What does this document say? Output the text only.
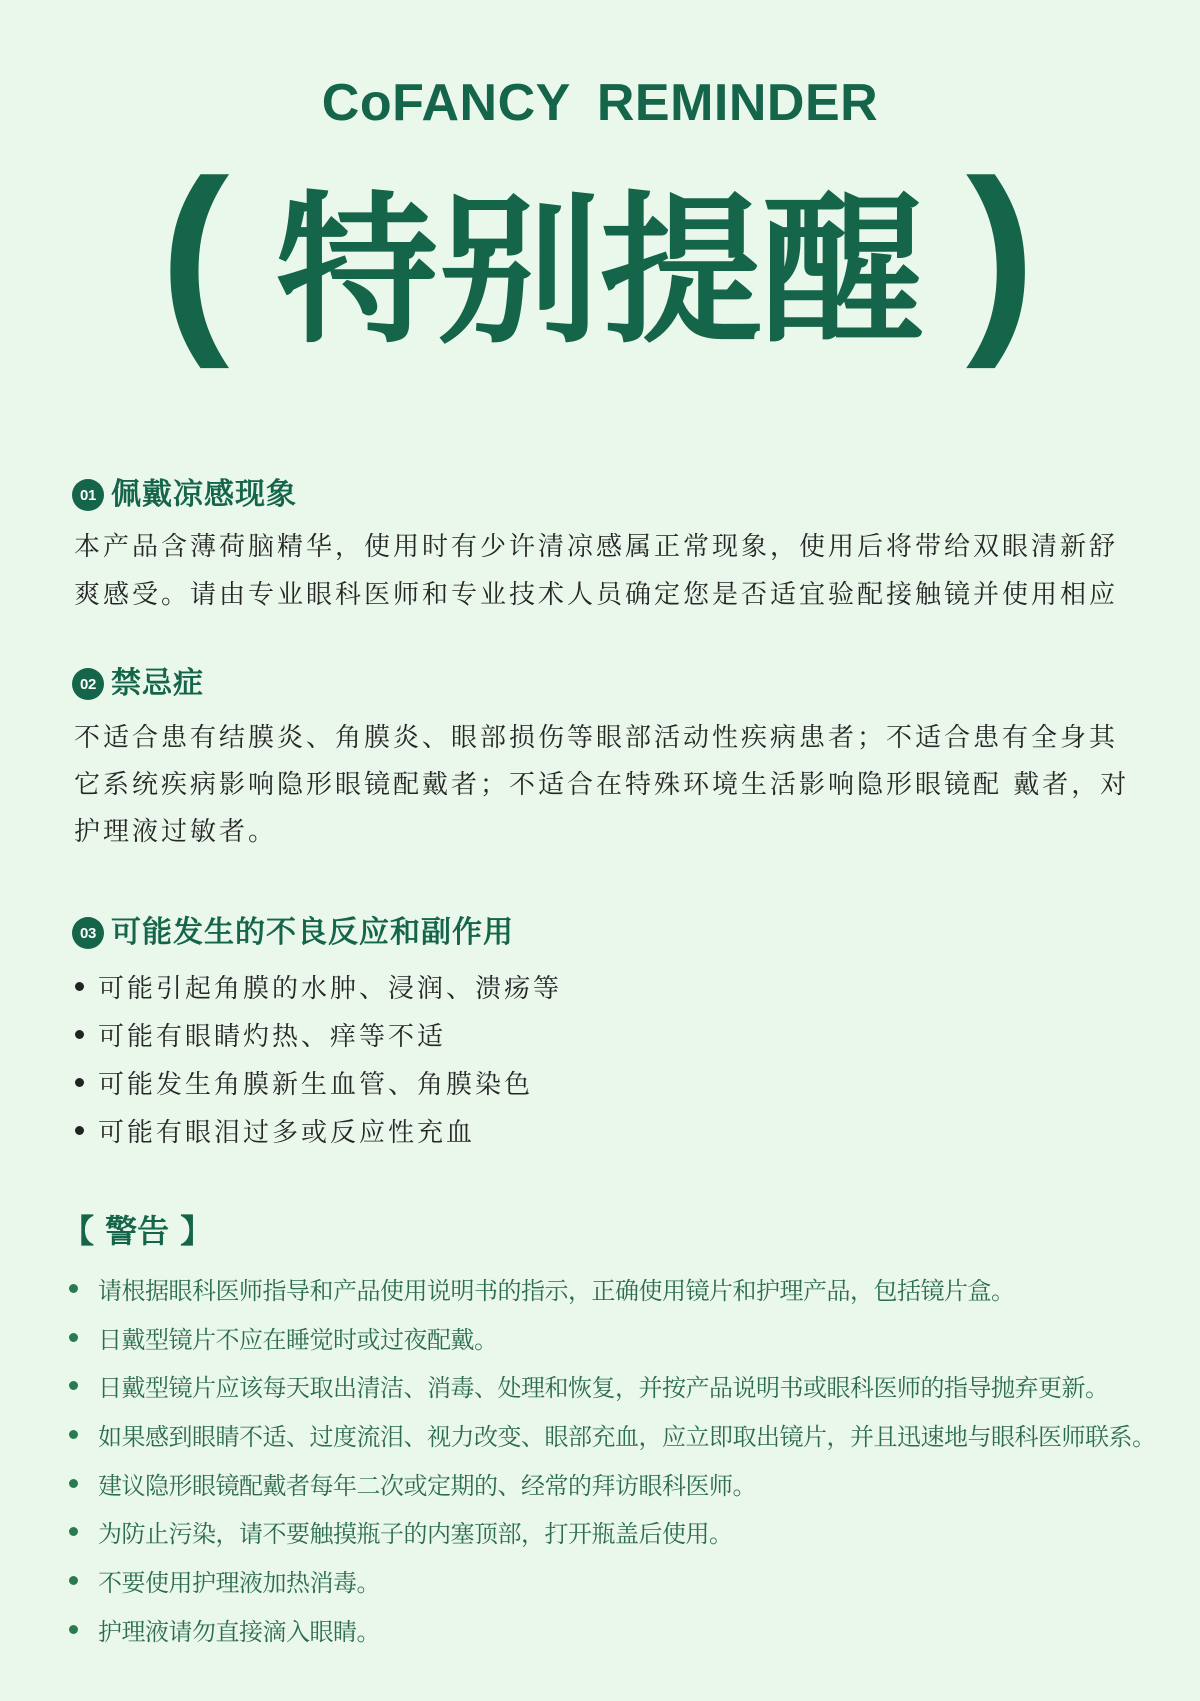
CoFANCY REMINDER
( 特别提醒 )
01 佩戴凉感现象
本产品含薄荷脑精华，使用时有少许清凉感属正常现象，使用后将带给双眼清新舒
爽感受。请由专业眼科医师和专业技术人员确定您是否适宜验配接触镜并使用相应
02 禁忌症
不适合患有结膜炎、角膜炎、眼部损伤等眼部活动性疾病患者；不适合患有全身其
它系统疾病影响隐形眼镜配戴者；不适合在特殊环境生活影响隐形眼镜配 戴者，对
护理液过敏者。
03 可能发生的不良反应和副作用
可能引起角膜的水肿、浸润、溃疡等
可能有眼睛灼热、痒等不适
可能发生角膜新生血管、角膜染色
可能有眼泪过多或反应性充血
【 警告 】
请根据眼科医师指导和产品使用说明书的指示，正确使用镜片和护理产品，包括镜片盒。
日戴型镜片不应在睡觉时或过夜配戴。
日戴型镜片应该每天取出清洁、消毒、处理和恢复，并按产品说明书或眼科医师的指导抛弃更新。
如果感到眼睛不适、过度流泪、视力改变、眼部充血，应立即取出镜片，并且迅速地与眼科医师联系。
建议隐形眼镜配戴者每年二次或定期的、经常的拜访眼科医师。
为防止污染，请不要触摸瓶子的内塞顶部，打开瓶盖后使用。
不要使用护理液加热消毒。
护理液请勿直接滴入眼睛。
